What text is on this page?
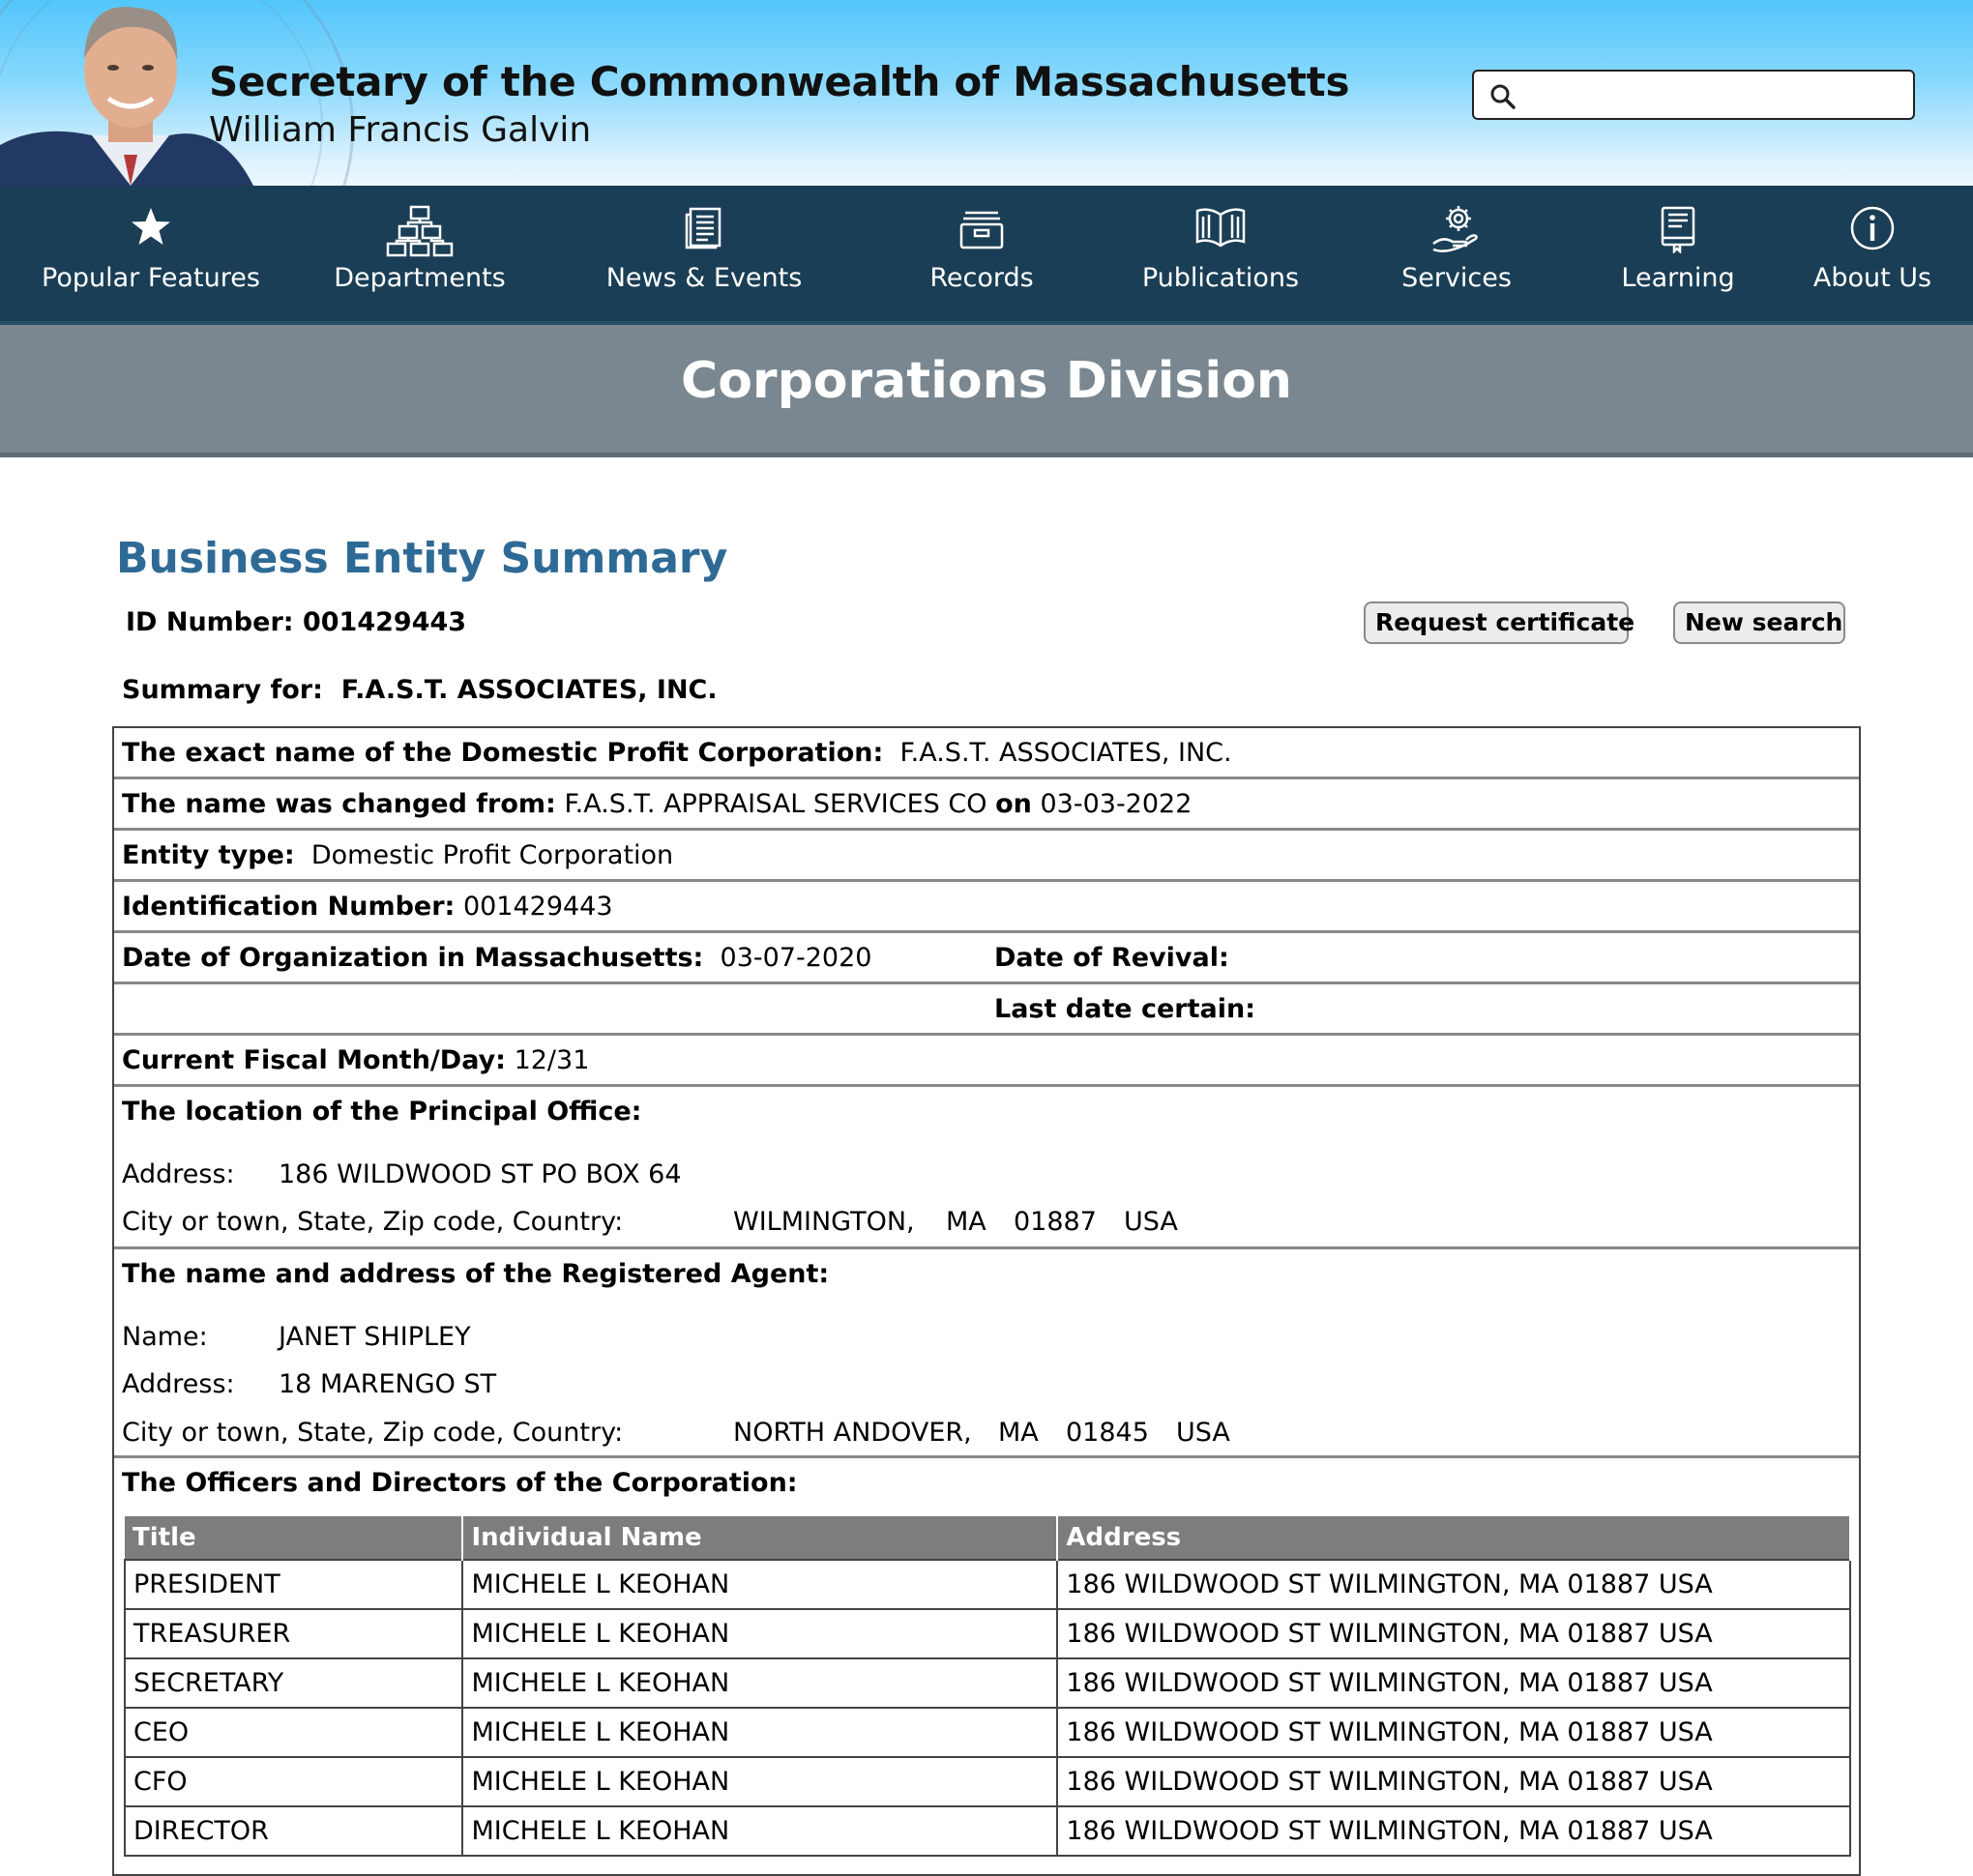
Secretary of the Commonwealth of Massachusetts
William Francis Galvin
Popular Features	Departments	News & Events	Records	Publications	Services	Learning	About Us
Corporations Division
Business Entity Summary
ID Number: 001429443	Request certificate	New search
Summary for: F.A.S.T. ASSOCIATES, INC.
The exact name of the Domestic Profit Corporation: F.A.S.T. ASSOCIATES, INC.
The name was changed from: F.A.S.T. APPRAISAL SERVICES CO on 03-03-2022
Entity type: Domestic Profit Corporation
Identification Number: 001429443
Date of Organization in Massachusetts: 03-07-2020	Date of Revival:
Last date certain:
Current Fiscal Month/Day: 12/31
The location of the Principal Office:
Address: 186 WILDWOOD ST PO BOX 64
City or town, State, Zip code, Country:	WILMINGTON, MA 01887 USA
The name and address of the Registered Agent:
Name:	JANET SHIPLEY
Address: 18 MARENGO ST
City or town, State, Zip code, Country:	NORTH ANDOVER, MA 01845 USA
The Officers and Directors of the Corporation:
Title	Individual Name	Address
PRESIDENT	MICHELE L KEOHAN	186 WILDWOOD ST WILMINGTON, MA 01887 USA
TREASURER	MICHELE L KEOHAN	186 WILDWOOD ST WILMINGTON, MA 01887 USA
SECRETARY	MICHELE L KEOHAN	186 WILDWOOD ST WILMINGTON, MA 01887 USA
CEO	MICHELE L KEOHAN	186 WILDWOOD ST WILMINGTON, MA 01887 USA
CFO	MICHELE L KEOHAN	186 WILDWOOD ST WILMINGTON, MA 01887 USA
DIRECTOR	MICHELE L KEOHAN	186 WILDWOOD ST WILMINGTON, MA 01887 USA
